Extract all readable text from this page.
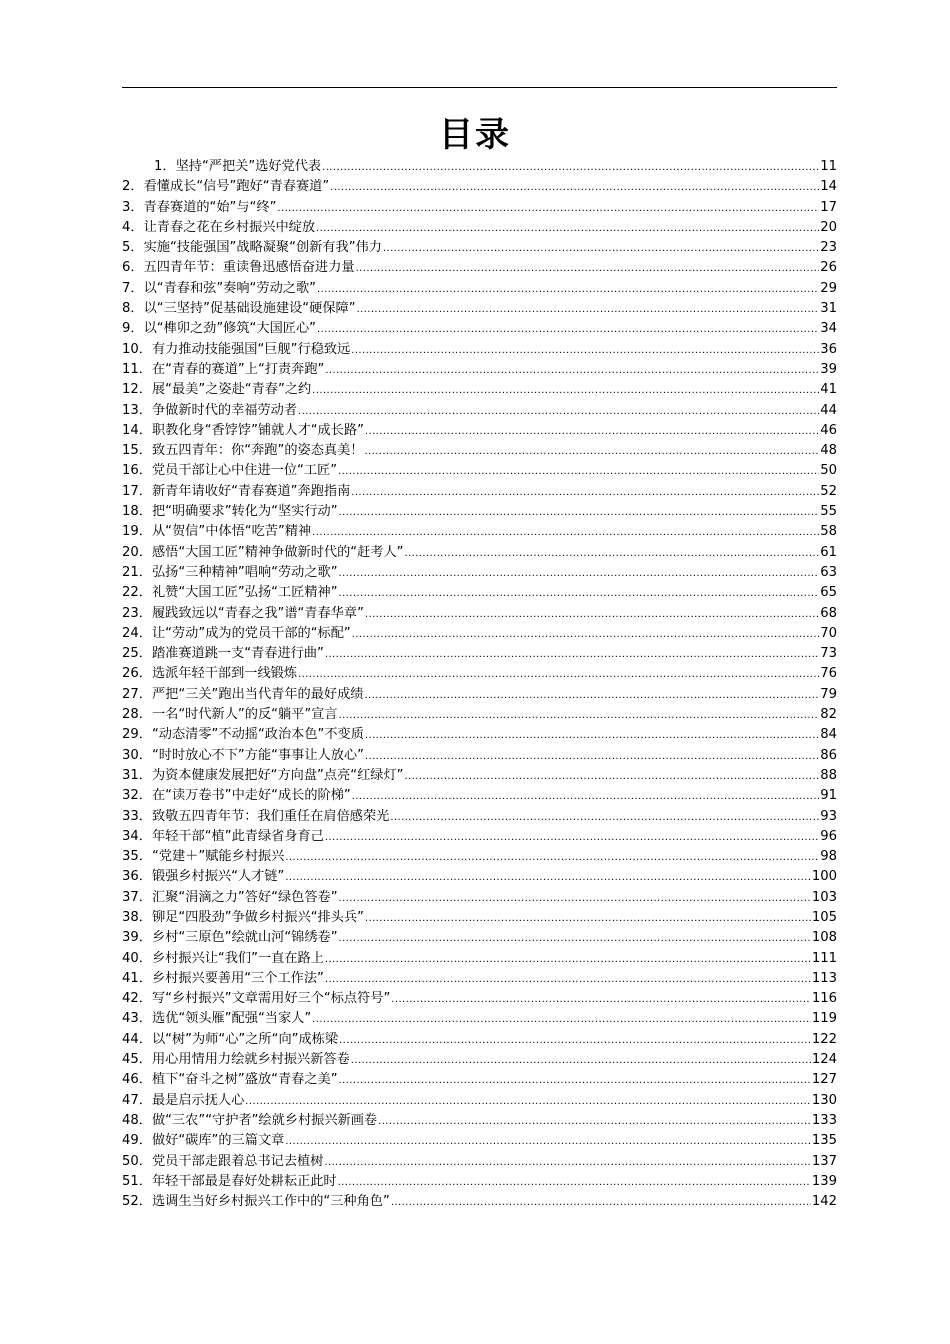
目录
1．坚持“严把关”选好党代表 .....	11
2．看懂成长“信号”跑好“青春赛道” .....	14
3．青春赛道的“始”与“终” .....	17
4．让青春之花在乡村振兴中绽放 .....	20
5．实施“技能强国”战略凝聚“创新有我”伟力 .....	23
6．五四青年节：重读鲁迅感悟奋进力量 .....	26
7．以“青春和弦”奏响“劳动之歌” .....	29
8．以“三坚持”促基础设施建设“硬保障” .....	31
9．以“榫卯之劲”修筑“大国匠心” .....	34
10．有力推动技能强国“巨舰”行稳致远 .....	36
11．在“青春的赛道”上“打责奔跑” .....	39
12．展“最美”之姿赴“青春”之约 .....	41
13．争做新时代的幸福劳动者 .....	44
14．职教化身“香饽饽”铺就人才“成长路” .....	46
15．致五四青年：你“奔跑”的姿态真美！ .....	48
16．党员干部让心中住进一位“工匠” .....	50
17．新青年请收好“青春赛道”奔跑指南 .....	52
18．把“明确要求”转化为“坚实行动” .....	55
19．从“贺信”中体悟“吃苦”精神 .....	58
20．感悟“大国工匠”精神争做新时代的“赶考人” .....	61
21．弘扬“三种精神”唱响“劳动之歌” .....	63
22．礼赞“大国工匠”弘扬“工匠精神” .....	65
23．履践致远以“青春之我”谱“青春华章” .....	68
24．让“劳动”成为的党员干部的“标配” .....	70
25．踏准赛道跳一支“青春进行曲” .....	73
26．选派年轻干部到一线锻炼 .....	76
27．严把“三关”跑出当代青年的最好成绩 .....	79
28．一名“时代新人”的反“躺平”宣言 .....	82
29．“动态清零”不动摇“政治本色”不变质 .....	84
30．“时时放心不下”方能“事事让人放心” .....	86
31．为资本健康发展把好“方向盘”点亮“红绿灯” .....	88
32．在“读万卷书”中走好“成长的阶梯” .....	91
33．致敬五四青年节：我们重任在肩倍感荣光 .....	93
34．年轻干部“植”此青绿省身育己 .....	96
35．“党建＋”赋能乡村振兴 .....	98
36．锻强乡村振兴“人才链” .....	100
37．汇聚“涓滴之力”答好“绿色答卷” .....	103
38．铆足“四股劲”争做乡村振兴“排头兵” .....	105
39．乡村“三原色”绘就山河“锦绣卷” .....	108
40．乡村振兴让“我们”一直在路上 .....	111
41．乡村振兴要善用“三个工作法” .....	113
42．写“乡村振兴”文章需用好三个“标点符号” .....	116
43．选优“领头雁”配强“当家人” .....	119
44．以“树”为师“心”之所“向”成栋梁 .....	122
45．用心用情用力绘就乡村振兴新答卷 .....	124
46．植下“奋斗之树”盛放“青春之美” .....	127
47．最是启示抚人心 .....	130
48．做“三农”“守护者”绘就乡村振兴新画卷 .....	133
49．做好“碳库”的三篇文章 .....	135
50．党员干部走跟着总书记去植树 .....	137
51．年轻干部最是春好处耕耘正此时 .....	139
52．选调生当好乡村振兴工作中的“三种角色” .....	142
